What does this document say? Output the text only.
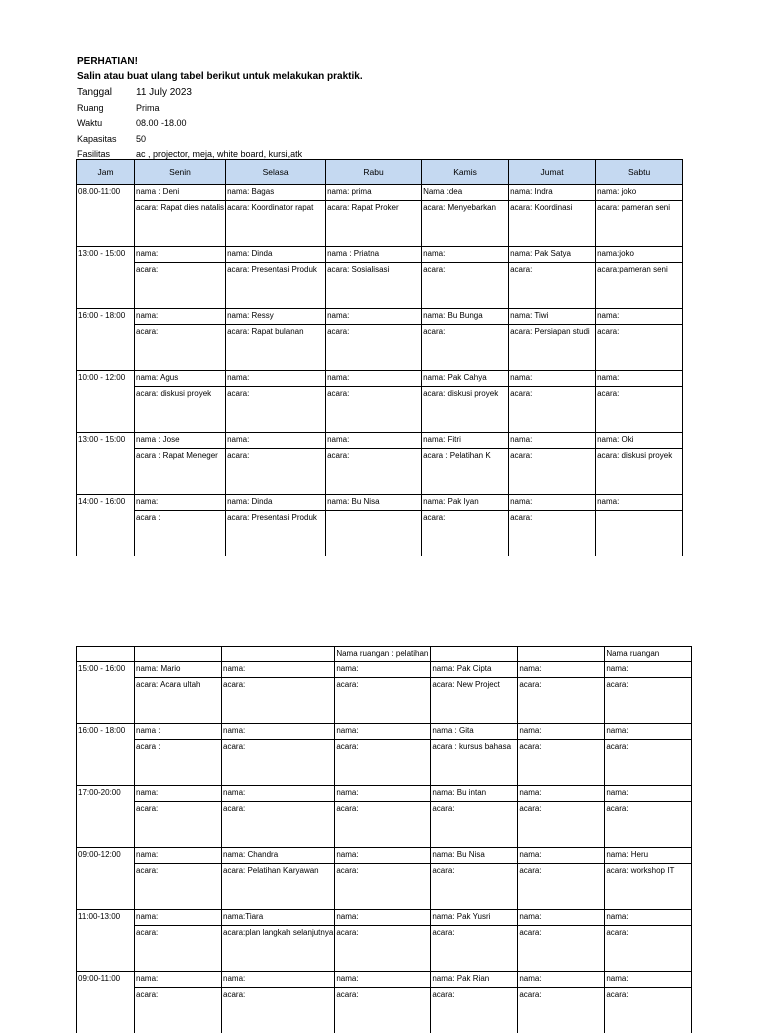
PERHATIAN!
Salin atau buat ulang tabel berikut untuk melakukan praktik.
Tanggal	11 July 2023
Ruang	Prima
Waktu	08.00 -18.00
Kapasitas	50
Fasilitas	ac , projector, meja, white board, kursi,atk
Jam	Senin	Selasa	Rabu	Kamis	Jumat	Sabtu
08.00-11:00	nama : Deni	nama: Bagas	nama: prima	Nama :dea	nama: Indra	nama: joko
	acara: Rapat dies natalis	acara: Koordinator rapat	acara: Rapat Proker	acara: Menyebarkan	acara: Koordinasi	acara: pameran seni
13:00 - 15:00	nama:	nama: Dinda	nama : Priatna	nama:	nama: Pak Satya	nama:joko
	acara:	acara: Presentasi Produk	acara: Sosialisasi	acara:	acara:	acara:pameran seni
16:00 - 18:00	nama:	nama: Ressy	nama:	nama: Bu Bunga	nama: Tiwi	nama:
	acara:	acara: Rapat bulanan	acara:	acara:	acara: Persiapan studi	acara:
10:00 - 12:00	nama: Agus	nama:	nama:	nama: Pak Cahya	nama:	nama:
	acara: diskusi proyek	acara:	acara:	acara: diskusi proyek	acara:	acara:
13:00 - 15:00	nama : Jose	nama:	nama:	nama: Fitri	nama:	nama: Oki
	acara : Rapat Meneger	acara:	acara:	acara : Pelatihan K	acara:	acara: diskusi proyek
14:00 - 16:00	nama:	nama: Dinda	nama: Bu Nisa	nama: Pak Iyan	nama:	nama:
	acara :	acara: Presentasi Produk		acara:	acara:	
			Nama ruangan : pelatihan			Nama ruangan
15:00 - 16:00	nama: Mario	nama:	nama:	nama: Pak Cipta	nama:	nama:
	acara: Acara ultah	acara:	acara:	acara: New Project	acara:	acara:
16:00 - 18:00	nama :	nama:	nama:	nama : Gita	nama:	nama:
	acara :	acara:	acara:	acara : kursus bahasa	acara:	acara:
17:00-20:00	nama:	nama:	nama:	nama: Bu intan	nama:	nama:
	acara:	acara:	acara:	acara:	acara:	acara:
09:00-12:00	nama:	nama: Chandra	nama:	nama: Bu Nisa	nama:	nama: Heru
	acara:	acara: Pelatihan Karyawan	acara:	acara:	acara:	acara: workshop IT
11:00-13:00	nama:	nama:Tiara	nama:	nama: Pak Yusri	nama:	nama:
	acara:	acara:plan langkah selanjutnya	acara:	acara:	acara:	acara:
09:00-11:00	nama:	nama:	nama:	nama: Pak Rian	nama:	nama:
	acara:	acara:	acara:	acara:	acara:	acara:
